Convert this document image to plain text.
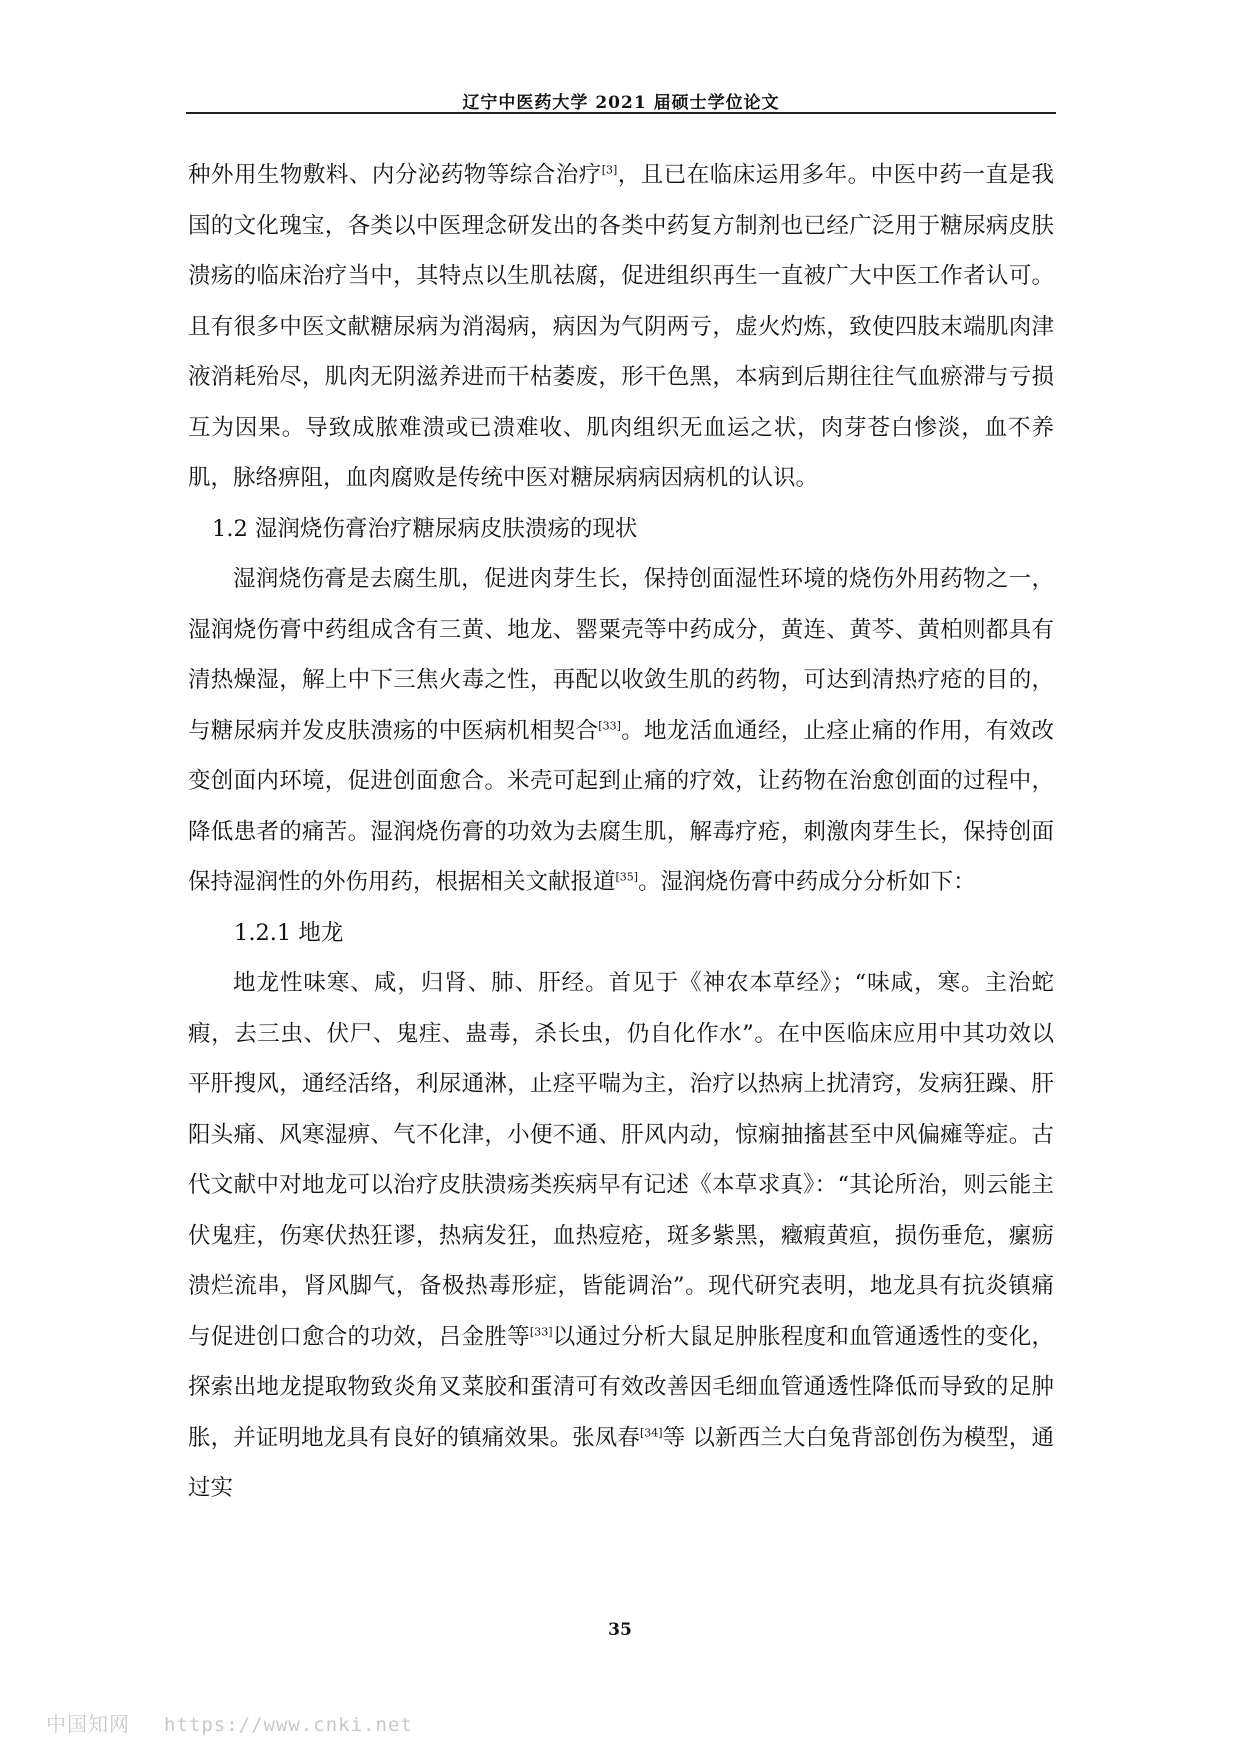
辽宁中医药大学 2021 届硕士学位论文

种外用生物敷料、内分泌药物等综合治疗[3]，且已在临床运用多年。中医中药一直是我国的文化瑰宝，各类以中医理念研发出的各类中药复方制剂也已经广泛用于糖尿病皮肤溃疡的临床治疗当中，其特点以生肌祛腐，促进组织再生一直被广大中医工作者认可。且有很多中医文献糖尿病为消渴病，病因为气阴两亏，虚火灼炼，致使四肢末端肌肉津液消耗殆尽，肌肉无阴滋养进而干枯萎废，形干色黑，本病到后期往往气血瘀滞与亏损互为因果。导致成脓难溃或已溃难收、肌肉组织无血运之状，肉芽苍白惨淡，血不养肌，脉络痹阻，血肉腐败是传统中医对糖尿病病因病机的认识。

1.2 湿润烧伤膏治疗糖尿病皮肤溃疡的现状

湿润烧伤膏是去腐生肌，促进肉芽生长，保持创面湿性环境的烧伤外用药物之一，湿润烧伤膏中药组成含有三黄、地龙、罂粟壳等中药成分，黄连、黄芩、黄柏则都具有清热燥湿，解上中下三焦火毒之性，再配以收敛生肌的药物，可达到清热疗疮的目的，与糖尿病并发皮肤溃疡的中医病机相契合[33]。地龙活血通经，止痉止痛的作用，有效改变创面内环境，促进创面愈合。米壳可起到止痛的疗效，让药物在治愈创面的过程中，降低患者的痛苦。湿润烧伤膏的功效为去腐生肌，解毒疗疮，刺激肉芽生长，保持创面保持湿润性的外伤用药，根据相关文献报道[35]。湿润烧伤膏中药成分分析如下：

1.2.1 地龙

地龙性味寒、咸，归肾、肺、肝经。首见于《神农本草经》；“味咸，寒。主治蛇瘕，去三虫、伏尸、鬼疰、蛊毒，杀长虫，仍自化作水”。在中医临床应用中其功效以平肝搜风，通经活络，利尿通淋，止痉平喘为主，治疗以热病上扰清窍，发病狂躁、肝阳头痛、风寒湿痹、气不化津，小便不通、肝风内动，惊痫抽搐甚至中风偏瘫等症。古代文献中对地龙可以治疗皮肤溃疡类疾病早有记述《本草求真》：“其论所治，则云能主伏鬼疰，伤寒伏热狂谬，热病发狂，血热痘疮，斑多紫黑，癥瘕黄疸，损伤垂危，瘰疬溃烂流串，肾风脚气，备极热毒形症，皆能调治”。现代研究表明，地龙具有抗炎镇痛与促进创口愈合的功效，吕金胜等[33]以通过分析大鼠足肿胀程度和血管通透性的变化，探索出地龙提取物致炎角叉菜胶和蛋清可有效改善因毛细血管通透性降低而导致的足肿胀，并证明地龙具有良好的镇痛效果。张凤春[34]等 以新西兰大白兔背部创伤为模型，通过实

35
中国知网 https://www.cnki.net
